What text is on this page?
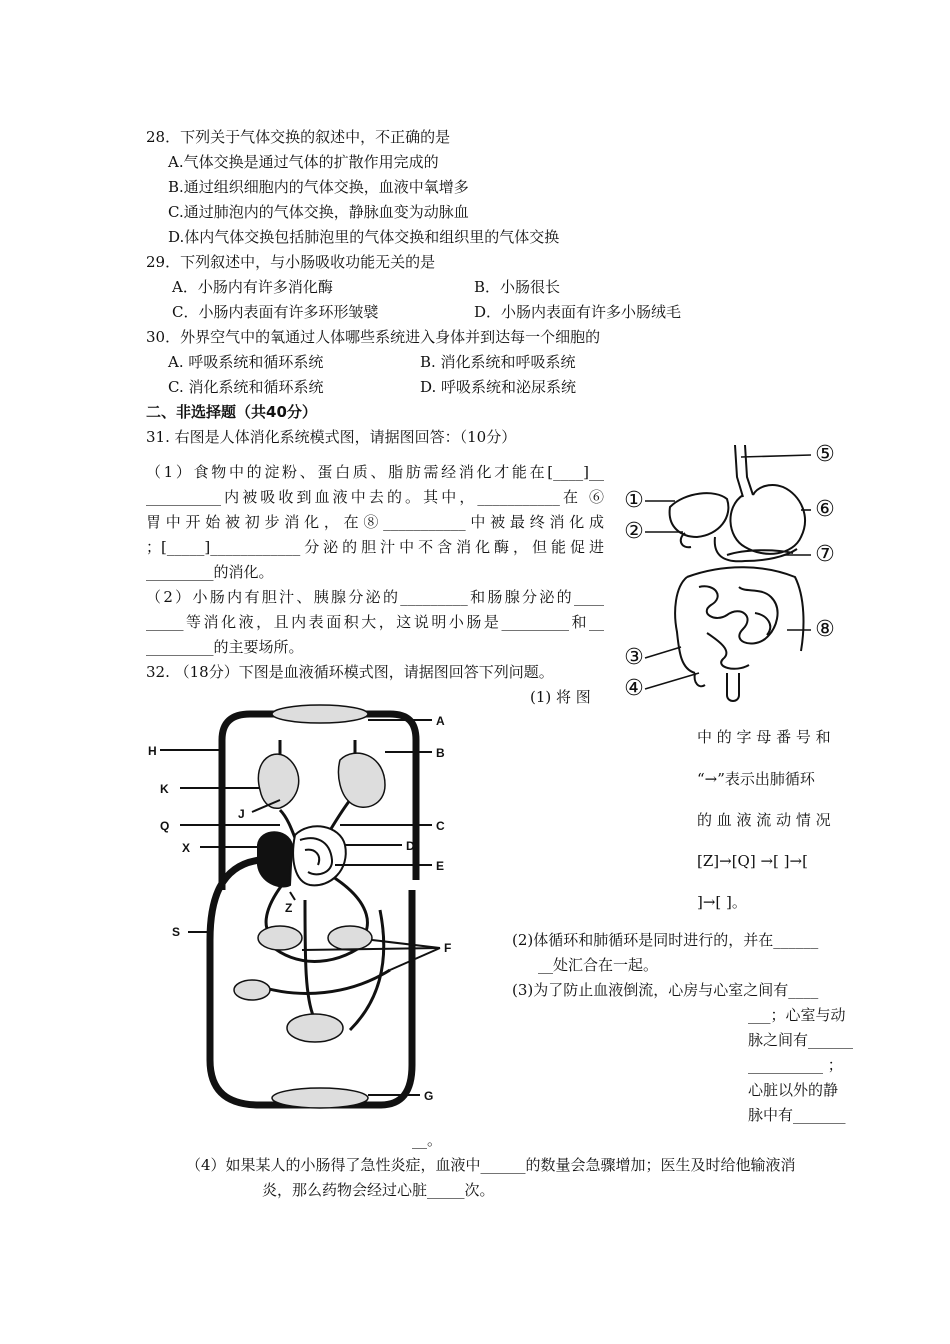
28．下列关于气体交换的叙述中，不正确的是
A.气体交换是通过气体的扩散作用完成的
B.通过组织细胞内的气体交换，血液中氧增多
C.通过肺泡内的气体交换，静脉血变为动脉血
D.体内气体交换包括肺泡里的气体交换和组织里的气体交换
29．下列叙述中，与小肠吸收功能无关的是
A．小肠内有许多消化酶	B．小肠很长
C．小肠内表面有许多环形皱襞	D．小肠内表面有许多小肠绒毛
30．外界空气中的氧通过人体哪些系统进入身体并到达每一个细胞的
A. 呼吸系统和循环系统	B. 消化系统和呼吸系统
C. 消化系统和循环系统	D. 呼吸系统和泌尿系统
二、非选择题（共40分）
31. 右图是人体消化系统模式图，请据图回答：（10分）
（1）食物中的淀粉、蛋白质、脂肪需经消化才能在[____]__
__________内被吸收到血液中去的。其中，___________在 ⑥
胃中开始被初步消化，在⑧___________中被最终消化成
；[_____]____________分泌的胆汁中不含消化酶，但能促进
_________的消化。
（2）小肠内有胆汁、胰腺分泌的_________和肠腺分泌的____
_____等消化液，且内表面积大，这说明小肠是_________和__
_________的主要场所。
①
②
③
④
⑤
⑥
⑦
⑧
32. （18分）下图是血液循环模式图，请据图回答下列问题。
(1) 将 图
中 的 字 母 番 号 和
“→”表示出肺循环
的 血 液 流 动 情 况
[Z]→[Q] →[ ]→[
]→[ ]。
(2)体循环和肺循环是同时进行的，并在______
__处汇合在一起。
(3)为了防止血液倒流，心房与心室之间有____
___；心室与动
脉之间有______
__________ ；
心脏以外的静
脉中有_______
__。
（4）如果某人的小肠得了急性炎症，血液中______的数量会急骤增加；医生及时给他输液消
炎，那么药物会经过心脏_____次。
A
B
C
D
E
F
G
H
J
K
Q
X
Z
S
